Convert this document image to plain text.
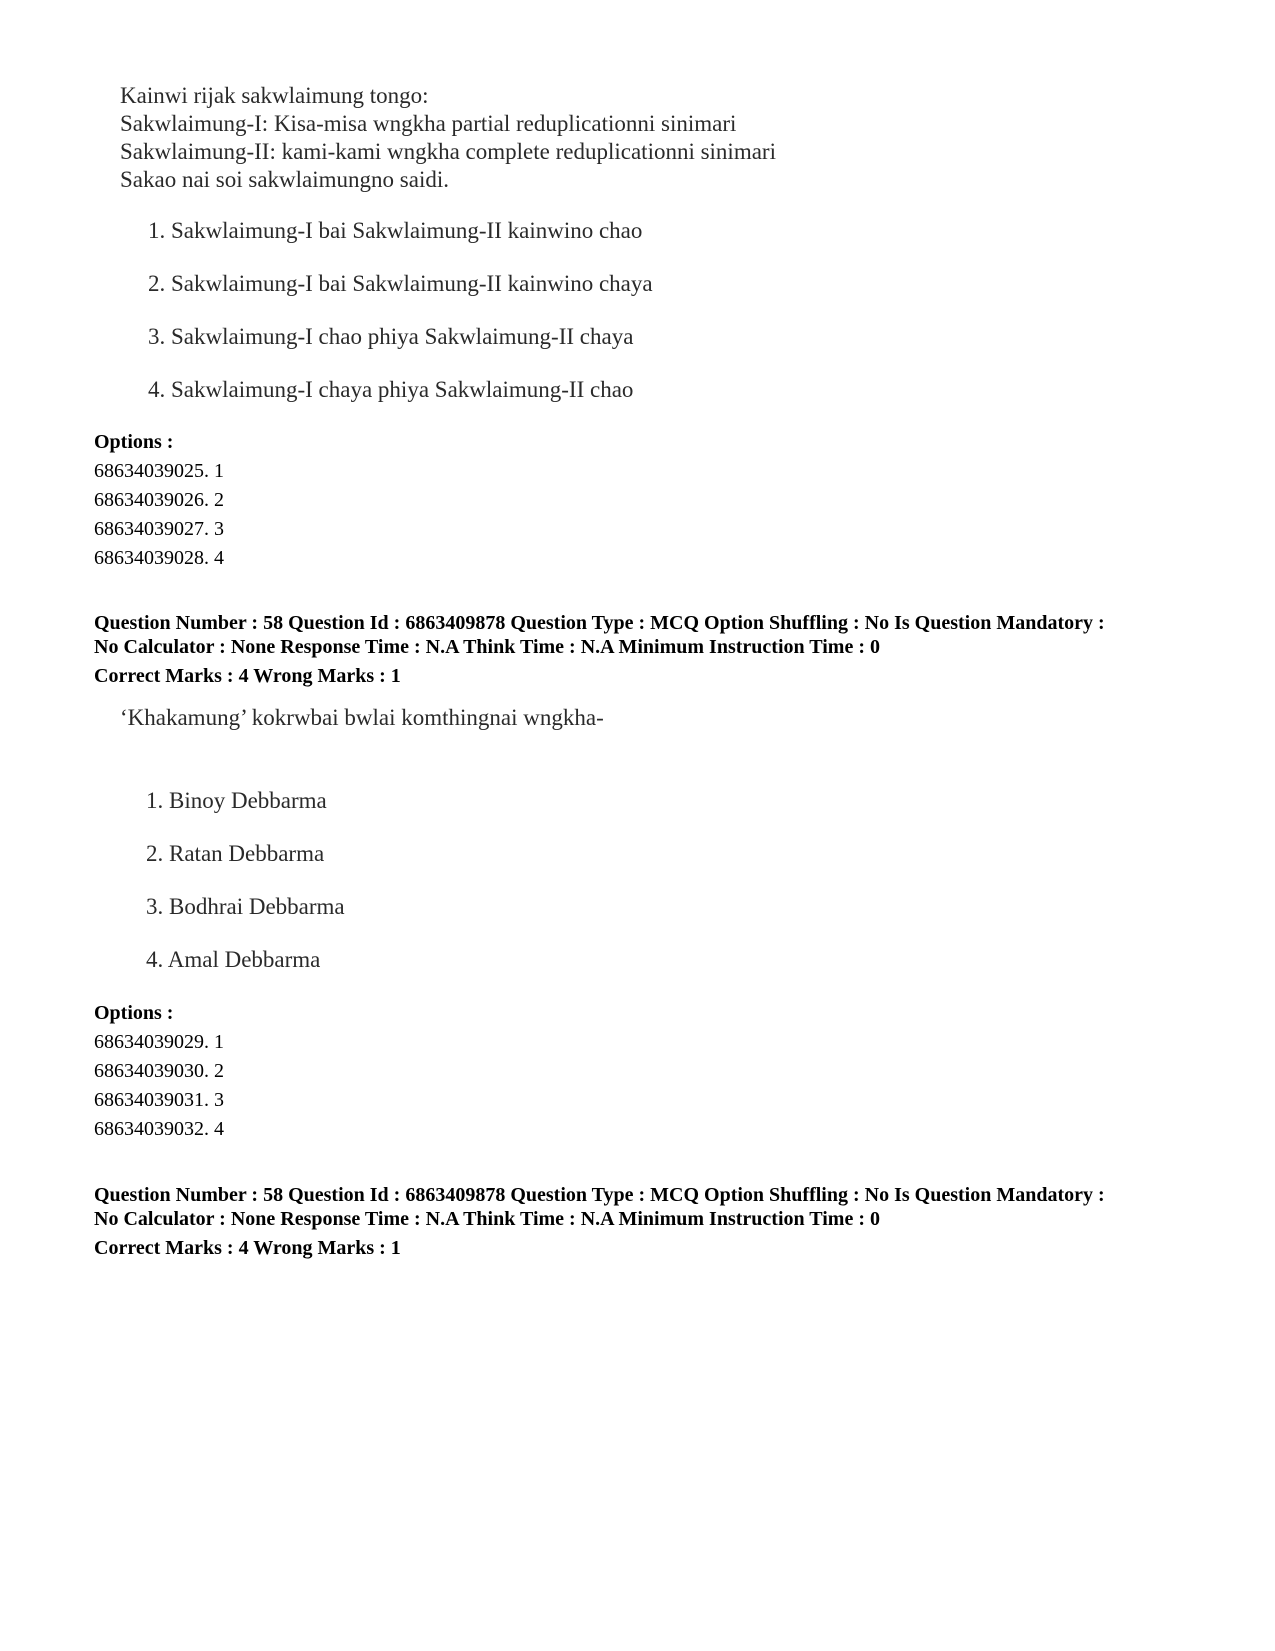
Kainwi rijak sakwlaimung tongo:
Sakwlaimung-I: Kisa-misa wngkha partial reduplicationni sinimari
Sakwlaimung-II: kami-kami wngkha complete reduplicationni sinimari
Sakao nai soi sakwlaimungno saidi.
1. Sakwlaimung-I bai Sakwlaimung-II kainwino chao
2. Sakwlaimung-I bai Sakwlaimung-II kainwino chaya
3. Sakwlaimung-I chao phiya Sakwlaimung-II chaya
4. Sakwlaimung-I chaya phiya Sakwlaimung-II chao
Options :
68634039025. 1
68634039026. 2
68634039027. 3
68634039028. 4
Question Number : 58 Question Id : 6863409878 Question Type : MCQ Option Shuffling : No Is Question Mandatory :
No Calculator : None Response Time : N.A Think Time : N.A Minimum Instruction Time : 0
Correct Marks : 4 Wrong Marks : 1
‘Khakamung’ kokrwbai bwlai komthingnai wngkha-
1. Binoy Debbarma
2. Ratan Debbarma
3. Bodhrai Debbarma
4. Amal Debbarma
Options :
68634039029. 1
68634039030. 2
68634039031. 3
68634039032. 4
Question Number : 58 Question Id : 6863409878 Question Type : MCQ Option Shuffling : No Is Question Mandatory :
No Calculator : None Response Time : N.A Think Time : N.A Minimum Instruction Time : 0
Correct Marks : 4 Wrong Marks : 1
